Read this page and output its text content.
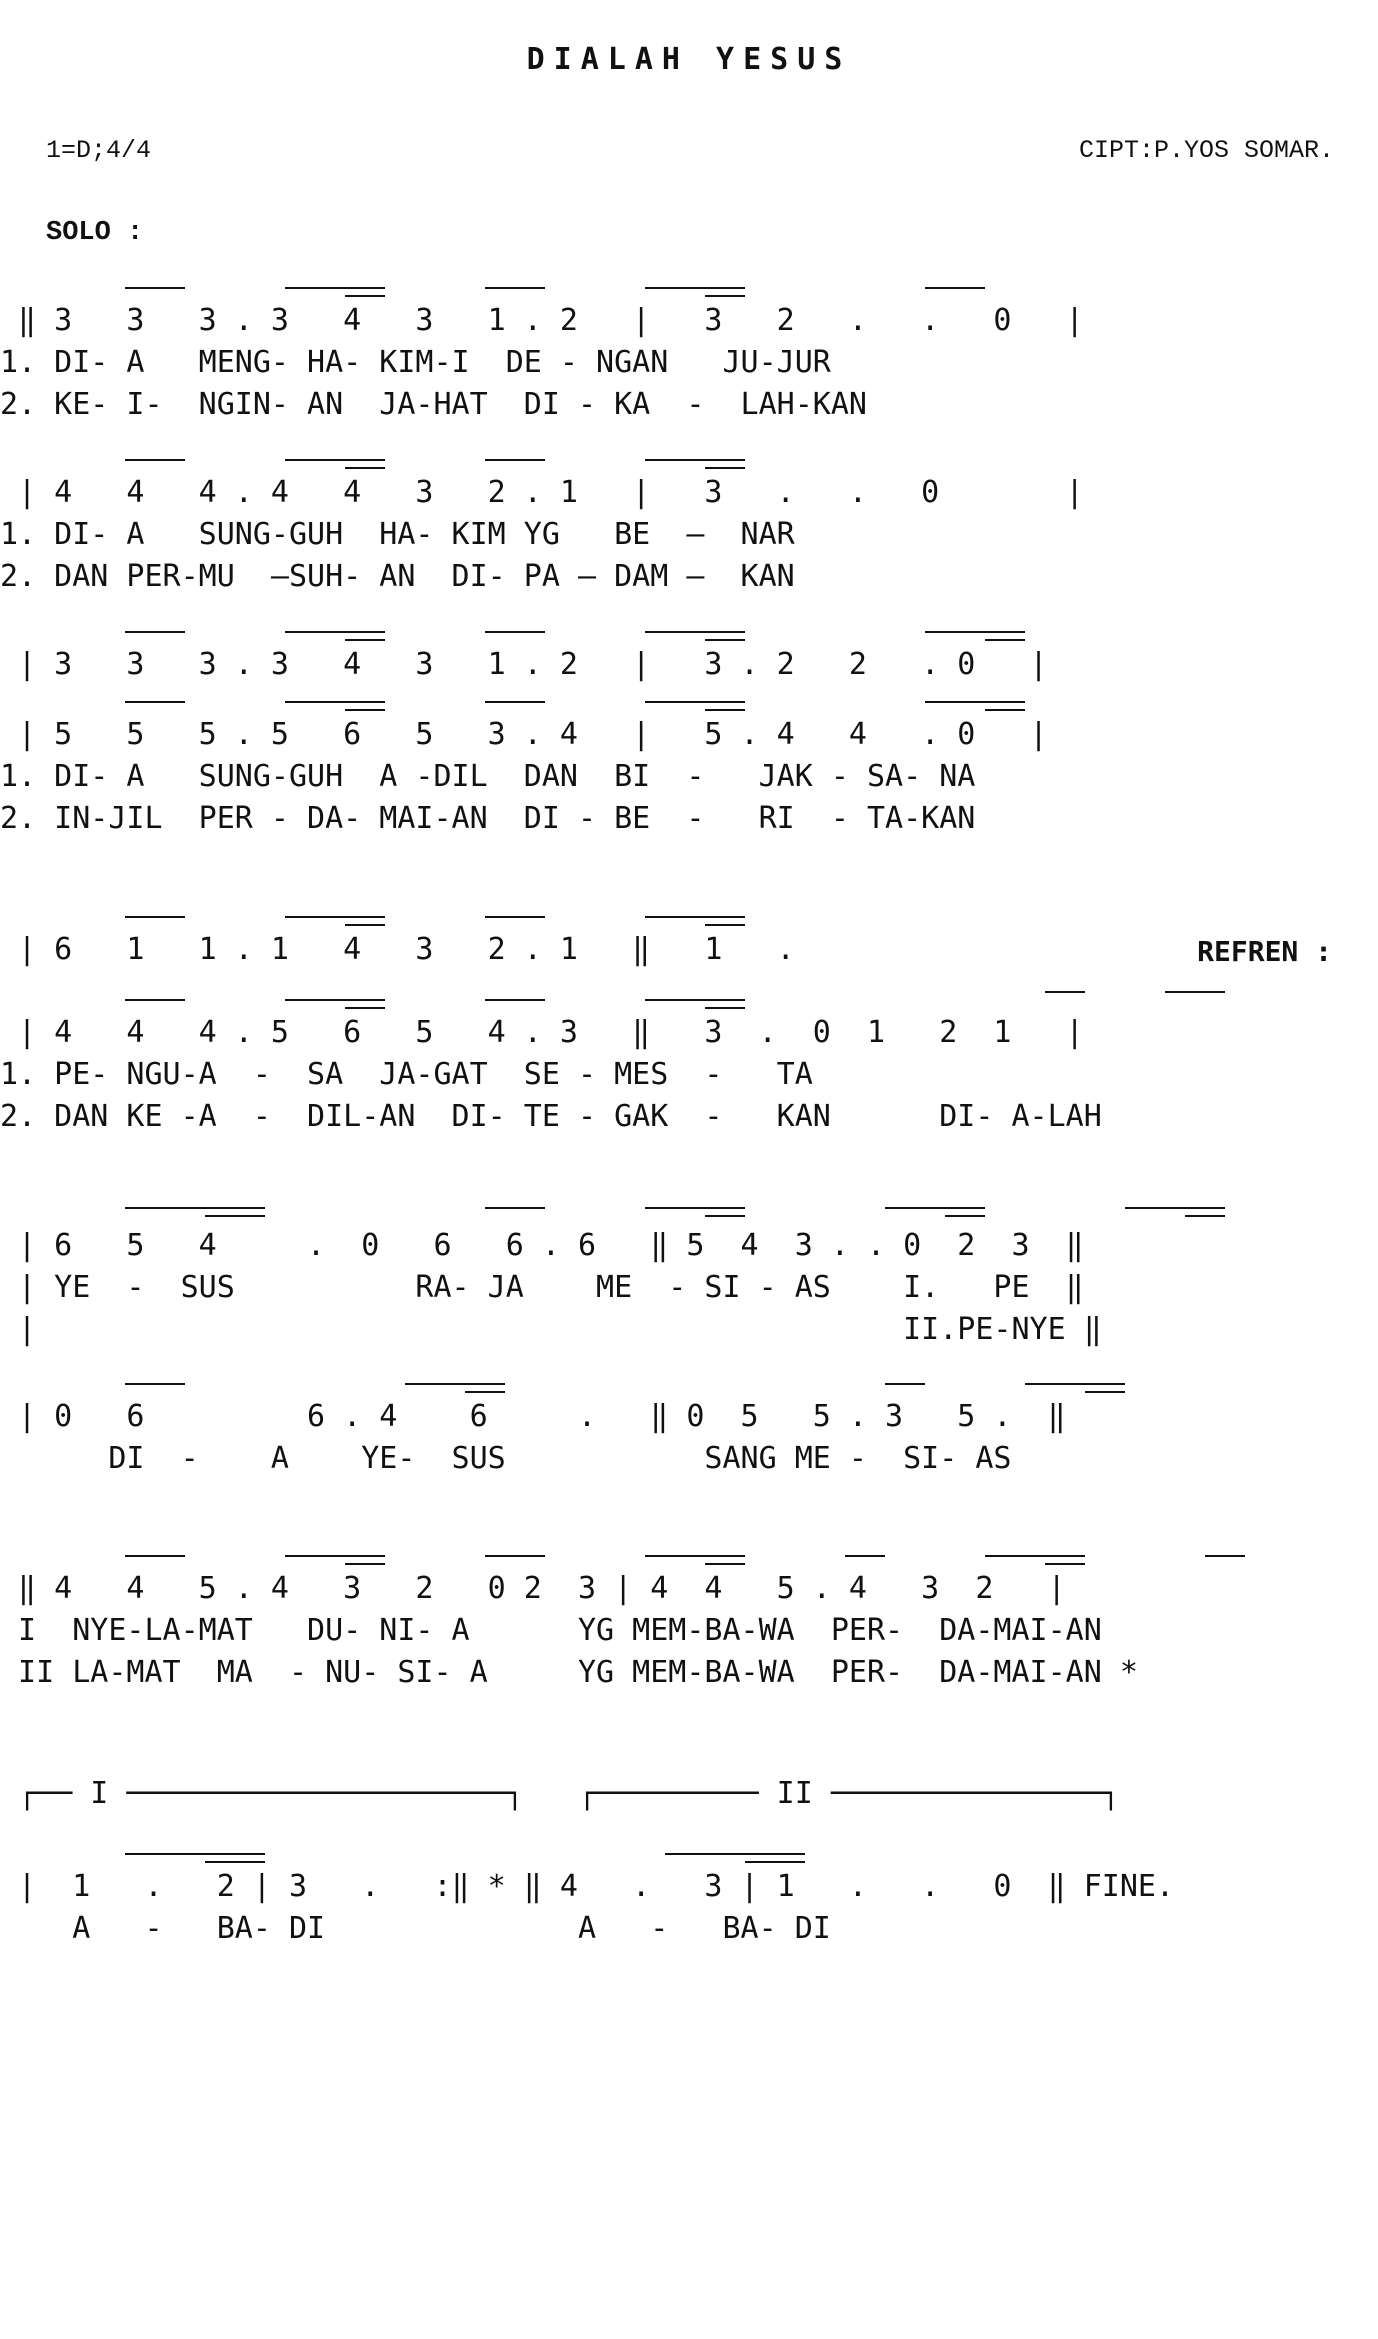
DIALAH YESUS
1=D;4/4	CIPT:P.YOS SOMAR.
SOLO :
‖ 3   3   3 . 3   4   3   1 . 2   |   3   2   .   .   0   |
1. DI- A   MENG- HA- KIM-I  DE - NGAN   JU-JUR
2. KE- I-  NGIN- AN  JA-HAT  DI - KA  -  LAH-KAN
| 4   4   4 . 4   4   3   2 . 1   |   3   .   .   0       |
1. DI- A   SUNG-GUH  HA- KIM YG   BE  —  NAR
2. DAN PER-MU  —SUH- AN  DI- PA — DAM —  KAN
| 3   3   3 . 3   4   3   1 . 2   |   3 . 2   2   . 0   |
| 5   5   5 . 5   6   5   3 . 4   |   5 . 4   4   . 0   |
1. DI- A   SUNG-GUH  A -DIL  DAN  BI  -   JAK - SA- NA
2. IN-JIL  PER - DA- MAI-AN  DI - BE  -   RI  - TA-KAN
| 6   1   1 . 1   4   3   2 . 1   ‖   1   .	REFREN :
| 4   4   4 . 5   6   5   4 . 3   ‖   3  .  0  1   2  1   |
1. PE- NGU-A  -  SA  JA-GAT  SE - MES  -   TA
2. DAN KE -A  -  DIL-AN  DI- TE - GAK  -   KAN      DI- A-LAH
| 6   5   4     .  0   6   6 . 6   ‖ 5  4  3 . . 0  2  3  ‖
| YE  -  SUS          RA- JA    ME  - SI - AS    I.   PE  ‖
|                                                II.PE-NYE ‖
| 0   6         6 . 4    6     .   ‖ 0  5   5 . 3   5 .  ‖
DI  -    A    YE-  SUS           SANG ME -  SI- AS
‖ 4   4   5 . 4   3   2   0 2  3 | 4  4   5 . 4   3  2   |
I  NYE-LA-MAT   DU- NI- A      YG MEM-BA-WA  PER-  DA-MAI-AN
II LA-MAT  MA  - NU- SI- A     YG MEM-BA-WA  PER-  DA-MAI-AN *
┌── I ─────────────────────┐   ┌───────── II ───────────────┐
|  1   .   2 | 3   .   :‖ * ‖ 4   .   3 | 1   .   .   0  ‖ FINE.
A   -   BA- DI              A   -   BA- DI
